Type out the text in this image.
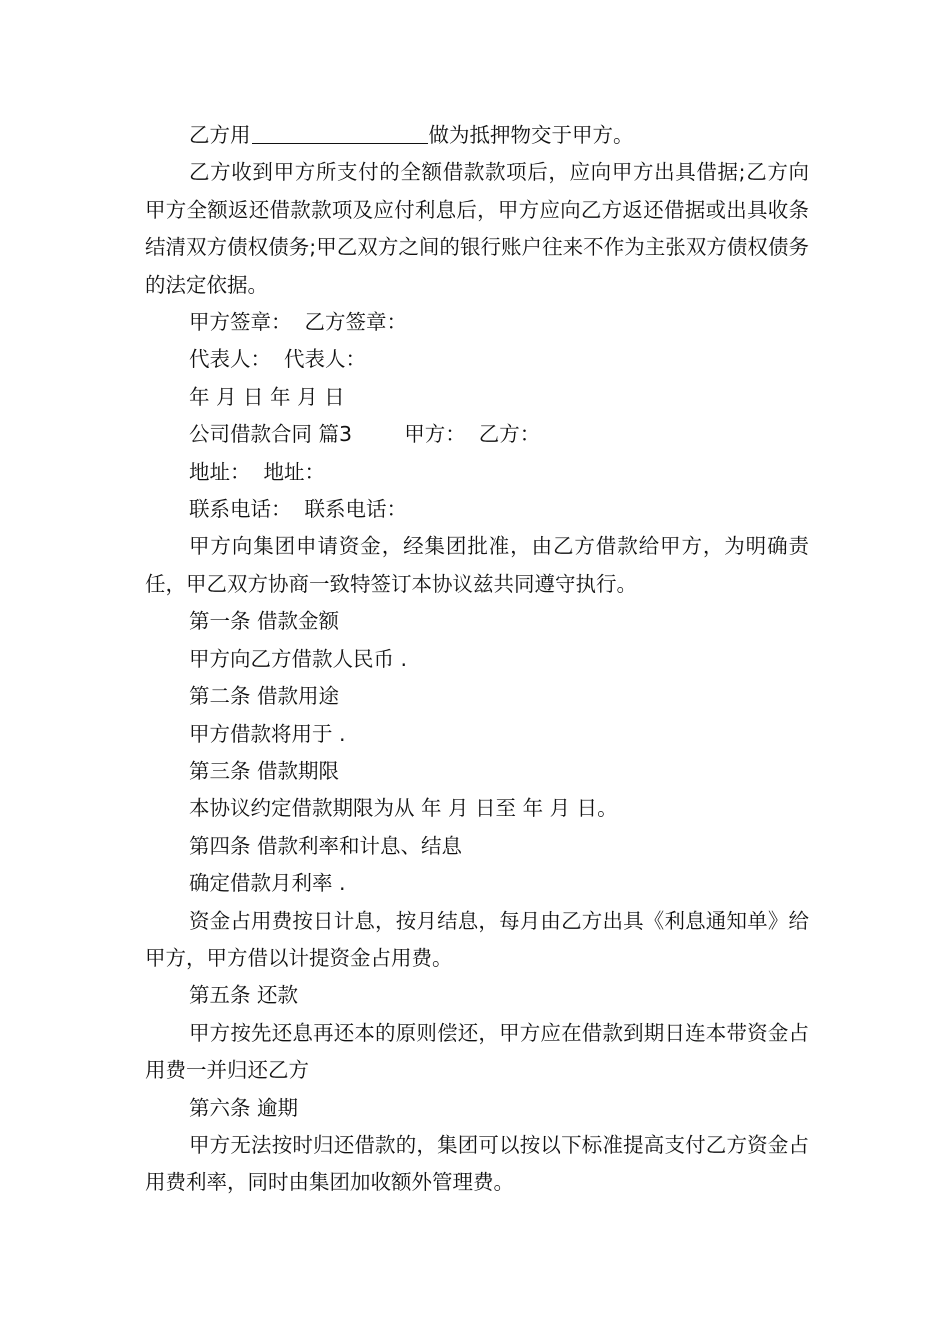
乙方用	做为抵押物交于甲方。

乙方收到甲方所支付的全额借款款项后，应向甲方出具借据;乙方向甲方全额返还借款款项及应付利息后，甲方应向乙方返还借据或出具收条结清双方债权债务;甲乙双方之间的银行账户往来不作为主张双方债权债务的法定依据。

甲方签章：  乙方签章：

代表人：  代表人：

年 月 日 年 月 日

公司借款合同 篇3        甲方：  乙方：

地址：  地址：

联系电话：  联系电话：

甲方向集团申请资金，经集团批准，由乙方借款给甲方，为明确责任，甲乙双方协商一致特签订本协议兹共同遵守执行。

第一条 借款金额

甲方向乙方借款人民币 .

第二条 借款用途

甲方借款将用于 .

第三条 借款期限

本协议约定借款期限为从 年 月 日至 年 月 日。

第四条 借款利率和计息、结息

确定借款月利率 .

资金占用费按日计息，按月结息，每月由乙方出具《利息通知单》给甲方，甲方借以计提资金占用费。

第五条 还款

甲方按先还息再还本的原则偿还，甲方应在借款到期日连本带资金占用费一并归还乙方

第六条 逾期

甲方无法按时归还借款的，集团可以按以下标准提高支付乙方资金占用费利率，同时由集团加收额外管理费。
